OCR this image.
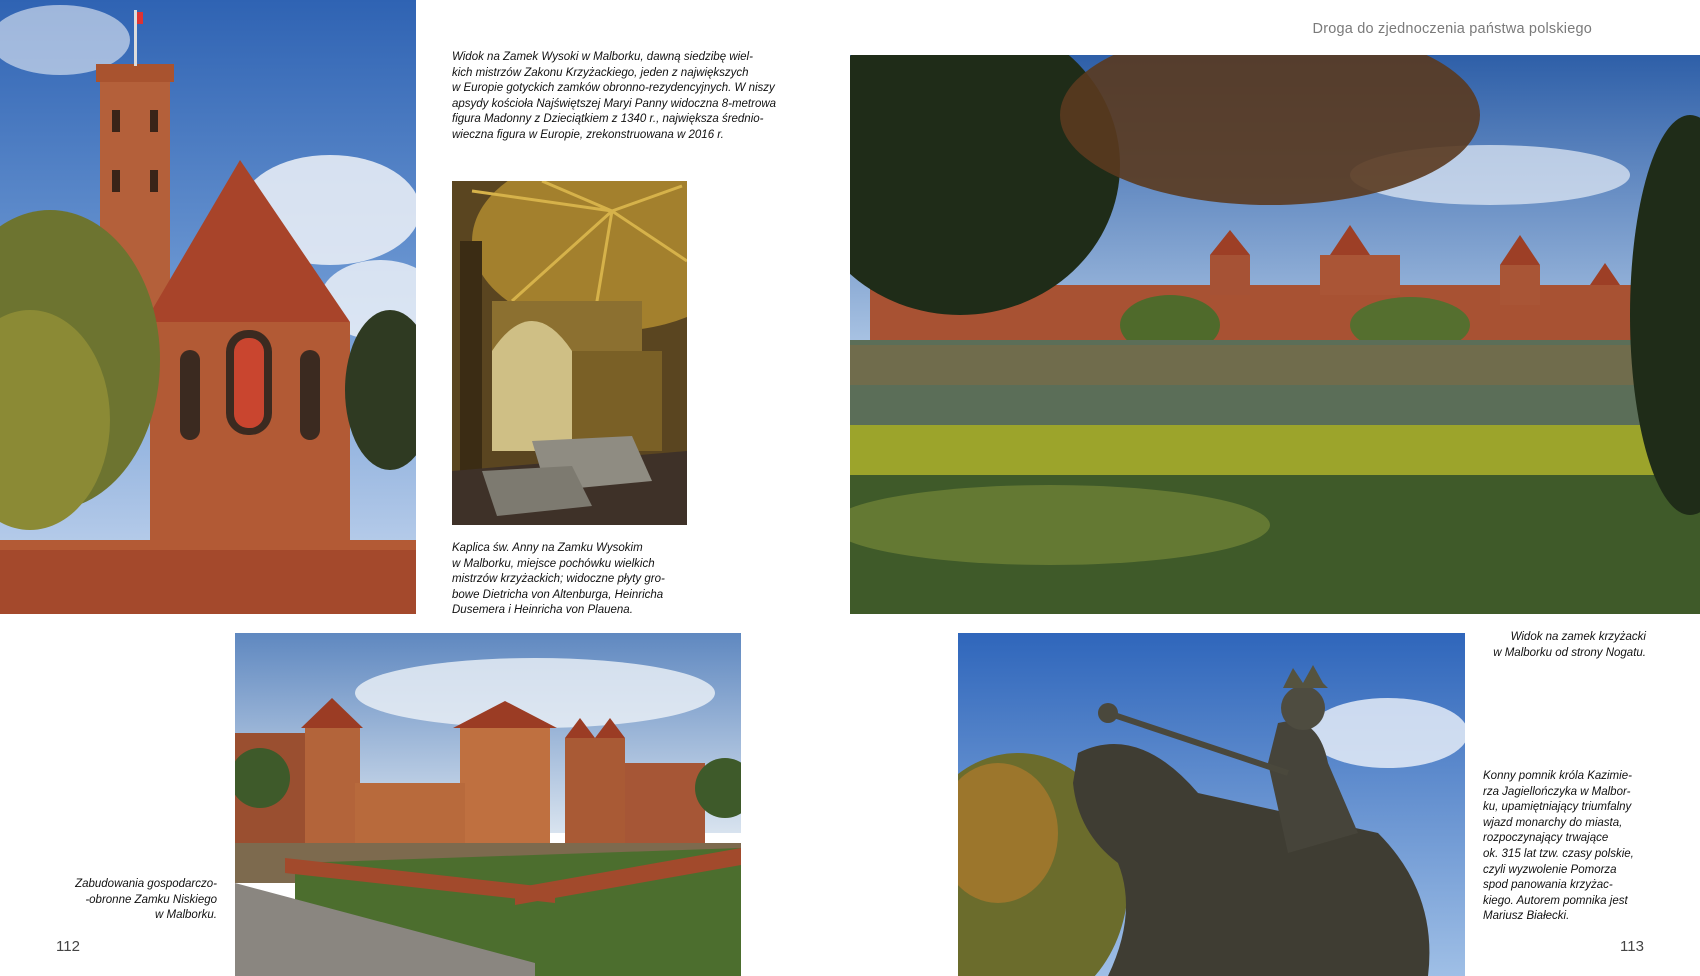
Droga do zjednoczenia państwa polskiego
Widok na Zamek Wysoki w Malborku, dawną siedzibę wiel-
kich mistrzów Zakonu Krzyżackiego, jeden z największych
w Europie gotyckich zamków obronno-rezydencyjnych. W niszy
apsydy kościoła Najświętszej Maryi Panny widoczna 8-metrowa
figura Madonny z Dzieciątkiem z 1340 r., największa średnio-
wieczna figura w Europie, zrekonstruowana w 2016 r.
Kaplica św. Anny na Zamku Wysokim
w Malborku, miejsce pochówku wielkich
mistrzów krzyżackich; widoczne płyty gro-
bowe Dietricha von Altenburga, Heinricha
Dusemera i Heinricha von Plauena.
Widok na zamek krzyżacki
w Malborku od strony Nogatu.
Zabudowania gospodarczo-
-obronne Zamku Niskiego
w Malborku.
Konny pomnik króla Kazimie-
rza Jagiellończyka w Malbor-
ku, upamiętniający triumfalny
wjazd monarchy do miasta,
rozpoczynający trwające
ok. 315 lat tzw. czasy polskie,
czyli wyzwolenie Pomorza
spod panowania krzyżac-
kiego. Autorem pomnika jest
Mariusz Białecki.
112	113
